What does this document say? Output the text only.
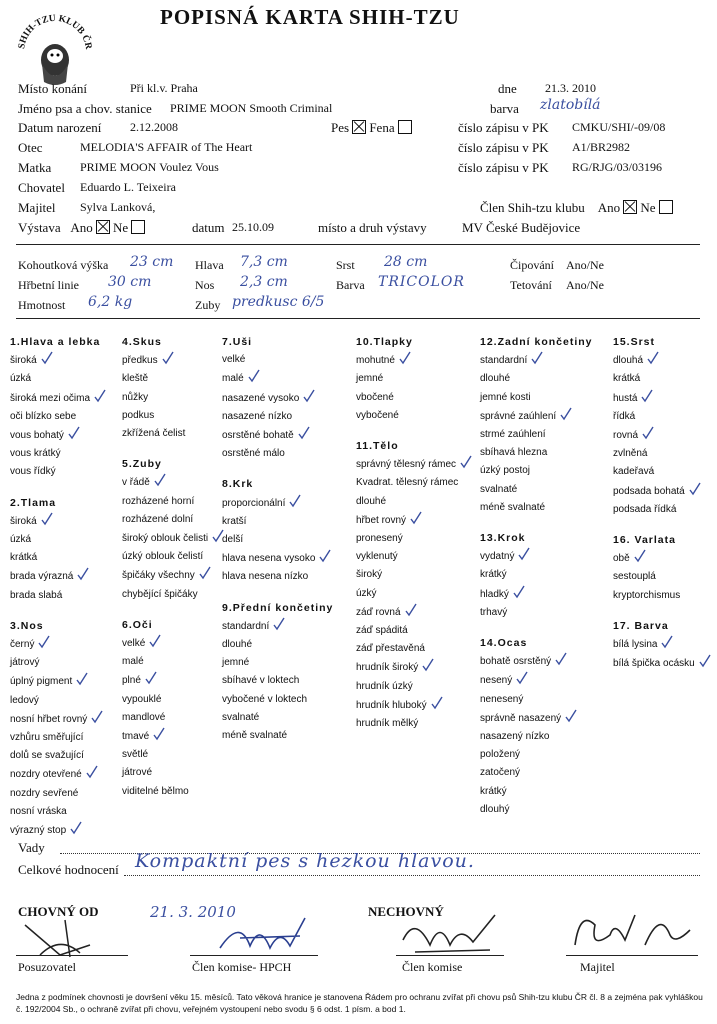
SHIH-TZU KLUB ČR
POPISNÁ KARTA SHIH-TZU
Místo konání	Při kl.v. Praha	dne 21.3. 2010
Jméno psa a chov. stanice PRIME MOON Smooth Criminal	barva zlatobílá
Datum narození 2.12.2008	Pes Fena	číslo zápisu v PK CMKU/SHI/-09/08
Otec	MELODIA'S AFFAIR of The Heart	číslo zápisu v PK A1/BR2982
Matka PRIME MOON Voulez Vous	číslo zápisu v PK RG/RJG/03/03196
Chovatel Eduardo L. Teixeira
Majitel Sylva Lanková,	Člen Shih-tzu klubu Ano Ne
Výstava Ano Ne	datum 25.10.09	místo a druh výstavy	MV České Budějovice
Kohoutková výška 23 cm Hlava 7,3 cm	Srst 28 cm	Čipování Ano/Ne
Hřbetní linie 30 cm	Nos 2,3 cm	Barva TRICOLOR	Tetování Ano/Ne
Hmotnost 6,2 kg	Zuby predkusc 6/5
1.Hlava a lebka
široká
úzká
široká mezi očima
oči blízko sebe
vous bohatý
vous krátký
vous řídký
2.Tlama
široká
úzká
krátká
brada výrazná
brada slabá
3.Nos
černý
játrový
úplný pigment
ledový
nosní hřbet rovný
vzhůru směřující
dolů se svažující
nozdry otevřené
nozdry sevřené
nosní vráska
výrazný stop
4.Skus
předkus
kleště
nůžky
podkus
zkřížená čelist
5.Zuby
v řádě
rozházené horní
rozházené dolní
široký oblouk čelisti
úzký oblouk čelistí
špičáky všechny
chybějící špičáky
6.Oči
velké
malé
plné
vypouklé
mandlové
tmavé
světlé
játrové
viditelné bělmo
7.Uši
velké
malé
nasazené vysoko
nasazené nízko
osrstěné bohatě
osrstěné málo
8.Krk
proporcionální
kratší
delší
hlava nesena vysoko
hlava nesena nízko
9.Přední končetiny
standardní
dlouhé
jemné
sbíhavé v loktech
vybočené v loktech
svalnaté
méně svalnaté
10.Tlapky
mohutné
jemné
vbočené
vybočené
11.Tělo
správný tělesný rámec
Kvadrat. tělesný rámec
dlouhé
hřbet rovný
pronesený
vyklenutý
široký
úzký
záď rovná
záď spáditá
záď přestavěná
hrudník široký
hrudník úzký
hrudník hluboký
hrudník mělký
12.Zadní končetiny
standardní
dlouhé
jemné kosti
správné zaúhlení
strmé zaúhlení
sbíhavá hlezna
úzký postoj
svalnaté
méně svalnaté
13.Krok
vydatný
krátký
hladký
trhavý
14.Ocas
bohatě osrstěný
nesený
nenesený
správně nasazený
nasazený nízko
položený
zatočený
krátký
dlouhý
15.Srst
dlouhá
krátká
hustá
řídká
rovná
zvlněná
kadeřavá
podsada bohatá
podsada řídká
16. Varlata
obě
sestouplá
kryptorchismus
17. Barva
bílá lysina
bílá špička ocásku
Vady
Celkové hodnocení Kompaktní pes s hezkou hlavou.
CHOVNÝ OD	NECHOVNÝ
21. 3. 2010
Posuzovatel	Člen komise- HPCH	Člen komise	Majitel
Jedna z podmínek chovnosti je dovršení věku 15. měsíců. Tato věková hranice je stanovena Řádem pro ochranu zvířat při chovu psů Shih-tzu klubu ČR čl. 8 a zejména pak vyhláškou č. 192/2004 Sb., o ochraně zvířat při chovu, veřejném vystoupení nebo svodu § 6 odst. 1 písm. a bod 1.
